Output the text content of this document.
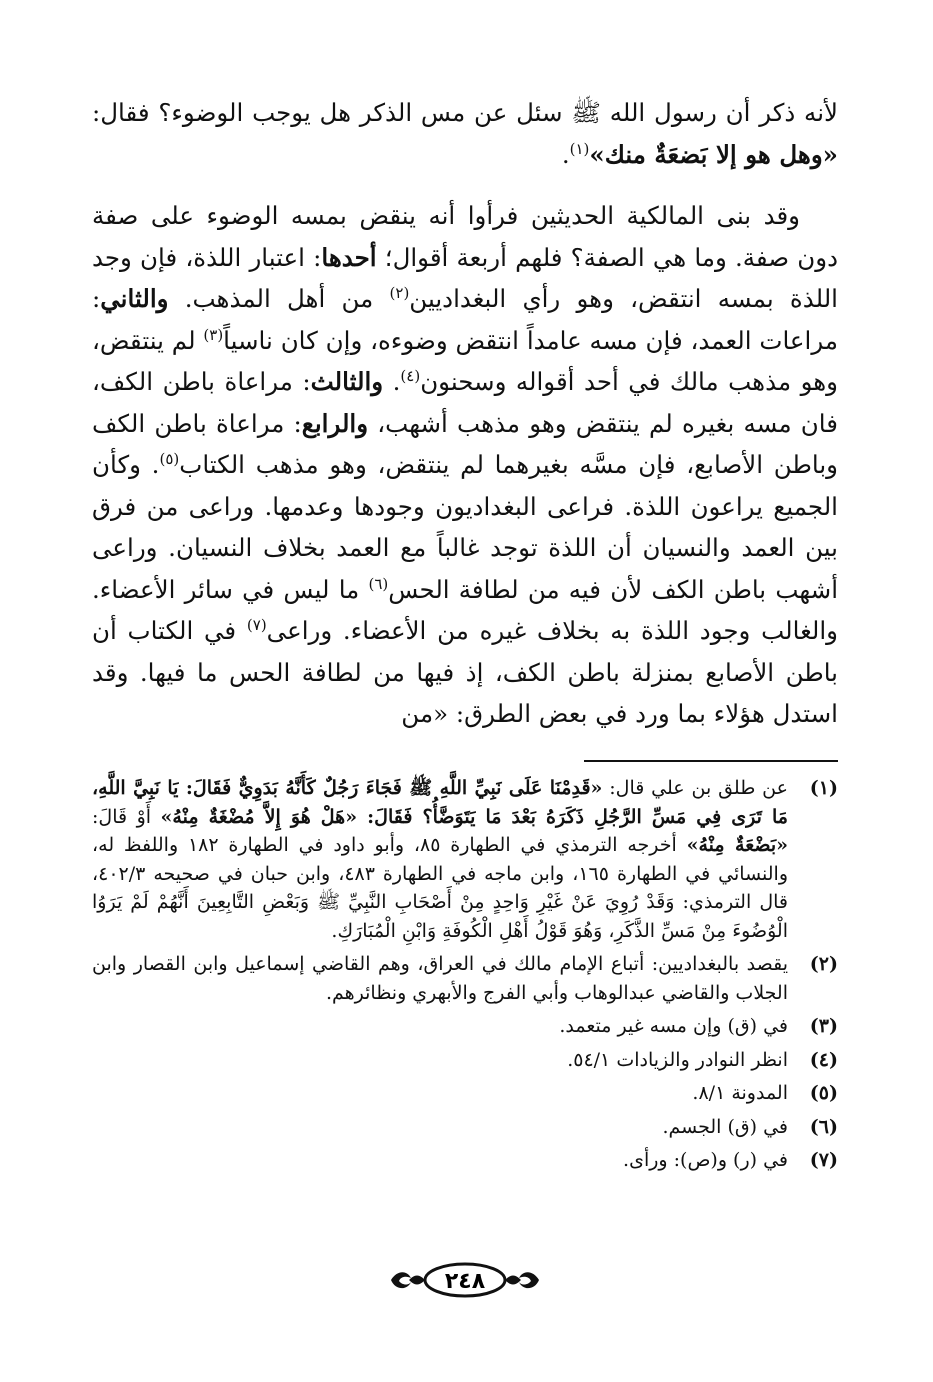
لأنه ذكر أن رسول الله ﷺ سئل عن مس الذكر هل يوجب الوضوء؟ فقال: «وهل هو إلا بَضعَةٌ منك»$^{(١)}$.

وقد بنى المالكية الحديثين فرأوا أنه ينقض بمسه الوضوء على صفة دون صفة. وما هي الصفة؟ فلهم أربعة أقوال؛ أحدها: اعتبار اللذة، فإن وجد اللذة بمسه انتقض، وهو رأي البغداديين$^{(٢)}$ من أهل المذهب. والثاني: مراعات العمد، فإن مسه عامداً انتقض وضوءه، وإن كان ناسياً$^{(٣)}$ لم ينتقض، وهو مذهب مالك في أحد أقواله وسحنون$^{(٤)}$. والثالث: مراعاة باطن الكف، فان مسه بغيره لم ينتقض وهو مذهب أشهب، والرابع: مراعاة باطن الكف وباطن الأصابع، فإن مسَّه بغيرهما لم ينتقض، وهو مذهب الكتاب$^{(٥)}$. وكأن الجميع يراعون اللذة. فراعى البغداديون وجودها وعدمها. وراعى من فرق بين العمد والنسيان أن اللذة توجد غالباً مع العمد بخلاف النسيان. وراعى أشهب باطن الكف لأن فيه من لطافة الحس$^{(٦)}$ ما ليس في سائر الأعضاء. والغالب وجود اللذة به بخلاف غيره من الأعضاء. وراعى$^{(٧)}$ في الكتاب أن باطن الأصابع بمنزلة باطن الكف، إذ فيها من لطافة الحس ما فيها. وقد استدل هؤلاء بما ورد في بعض الطرق: «من

(١)
عن طلق بن علي قال: «قَدِمْنَا عَلَى نَبِيِّ اللَّهِ ﷺ فَجَاءَ رَجُلٌ كَأَنَّهُ بَدَوِيٌّ فَقَالَ: يَا نَبِيَّ اللَّهِ، مَا تَرَى فِي مَسِّ الرَّجُلِ ذَكَرَهُ بَعْدَ مَا يَتَوَضَّأُ؟ فَقَالَ: «هَلْ هُوَ إِلاَّ مُضْغَةٌ مِنْهُ» أَوْ قَالَ: «بَضْعَةٌ مِنْهُ» أخرجه الترمذي في الطهارة ٨٥، وأبو داود في الطهارة ١٨٢ واللفظ له، والنسائي في الطهارة ١٦٥، وابن ماجه في الطهارة ٤٨٣، وابن حبان في صحيحه ٤٠٢/٣، قال الترمذي: وَقَدْ رُوِيَ عَنْ غَيْرِ وَاحِدٍ مِنْ أَصْحَابِ النَّبِيِّ ﷺ وَبَعْضِ التَّابِعِينَ أَنَّهُمْ لَمْ يَرَوُا الْوُضُوءَ مِنْ مَسِّ الذَّكَرِ، وَهُوَ قَوْلُ أَهْلِ الْكُوفَةِ وَابْنِ الْمُبَارَكِ.
(٢)
يقصد بالبغداديين: أتباع الإمام مالك في العراق، وهم القاضي إسماعيل وابن القصار وابن الجلاب والقاضي عبدالوهاب وأبي الفرج والأبهري ونظائرهم.
(٣)
في (ق) وإن مسه غير متعمد.
(٤)
انظر النوادر والزيادات ٥٤/١.
(٥)
المدونة ٨/١.
(٦)
في (ق) الجسم.
(٧)
في (ر) و(ص): ورأى.
٢٤٨
